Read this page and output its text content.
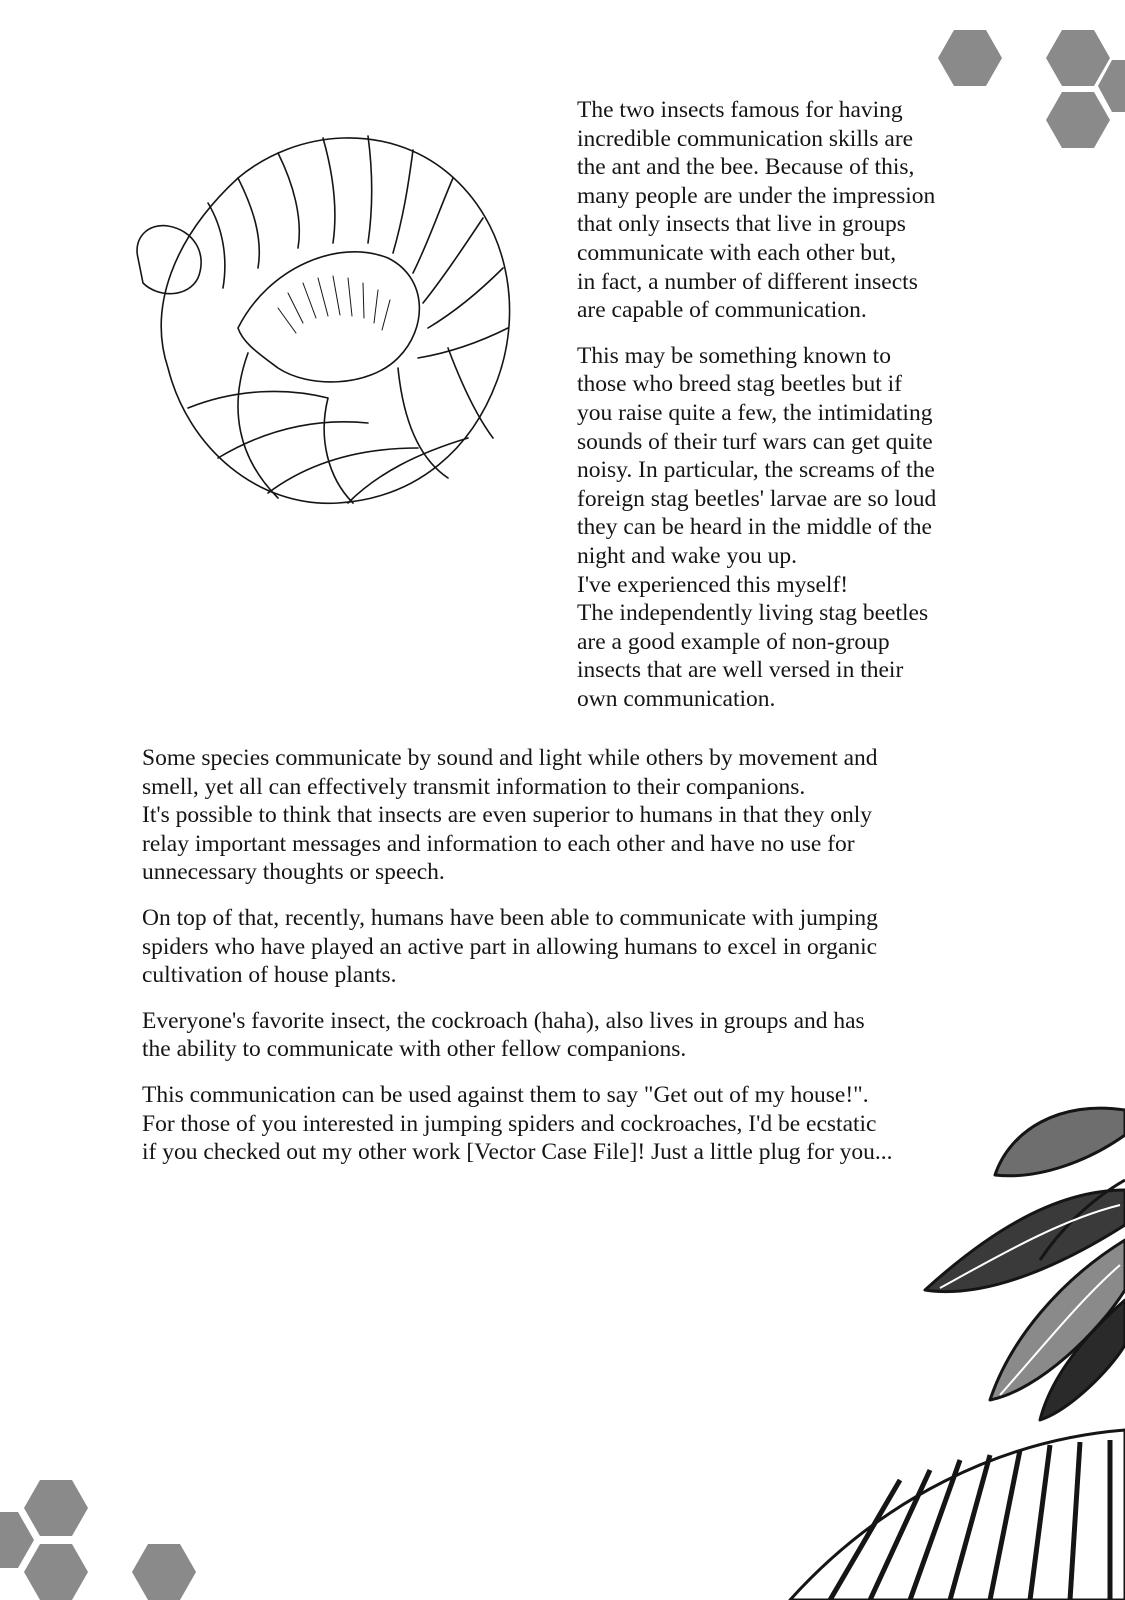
The two insects famous for having
incredible communication skills are
the ant and the bee. Because of this,
many people are under the impression
that only insects that live in groups
communicate with each other but,
in fact, a number of different insects
are capable of communication.

This may be something known to
those who breed stag beetles but if
you raise quite a few, the intimidating
sounds of their turf wars can get quite
noisy. In particular, the screams of the
foreign stag beetles' larvae are so loud
they can be heard in the middle of the
night and wake you up.
I've experienced this myself!
The independently living stag beetles
are a good example of non-group
insects that are well versed in their
own communication.

Some species communicate by sound and light while others by movement and
smell, yet all can effectively transmit information to their companions.
It's possible to think that insects are even superior to humans in that they only
relay important messages and information to each other and have no use for
unnecessary thoughts or speech.

On top of that, recently, humans have been able to communicate with jumping
spiders who have played an active part in allowing humans to excel in organic
cultivation of house plants.

Everyone's favorite insect, the cockroach (haha), also lives in groups and has
the ability to communicate with other fellow companions.

This communication can be used against them to say "Get out of my house!".
For those of you interested in jumping spiders and cockroaches, I'd be ecstatic
if you checked out my other work [Vector Case File]! Just a little plug for you...
